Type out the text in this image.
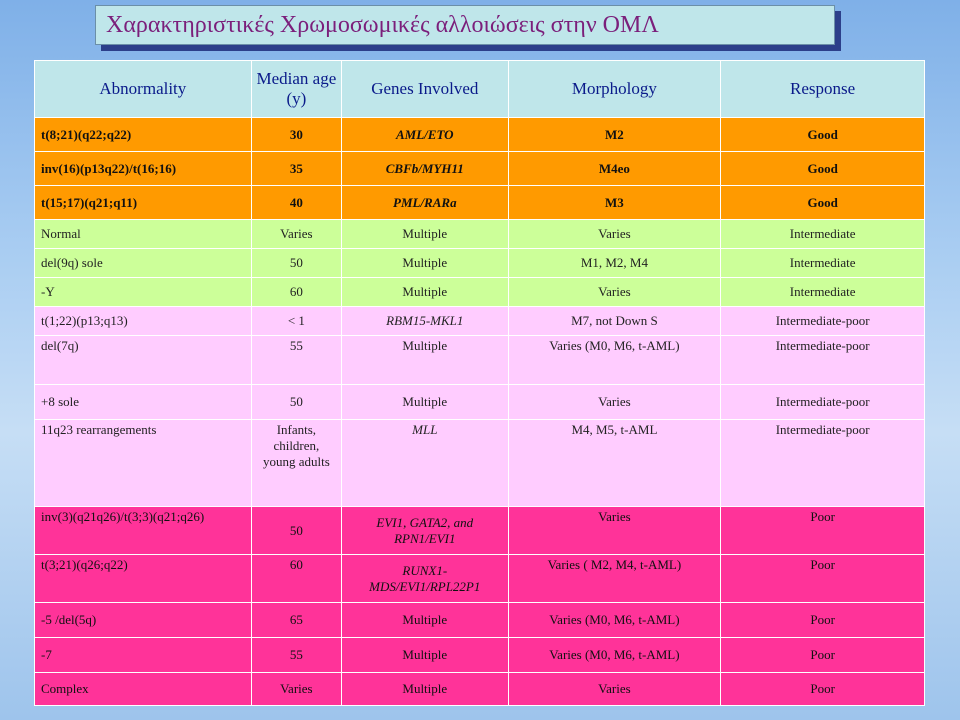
Χαρακτηριστικές Χρωμοσωμικές αλλοιώσεις στην ΟΜΛ
Abnormality	Median age (y)	Genes Involved	Morphology	Response
t(8;21)(q22;q22)	30	AML/ETO	M2	Good
inv(16)(p13q22)/t(16;16)	35	CBFb/MYH11	M4eo	Good
t(15;17)(q21;q11)	40	PML/RARa	M3	Good
Normal	Varies	Multiple	Varies	Intermediate
del(9q) sole	50	Multiple	M1, M2, M4	Intermediate
-Y	60	Multiple	Varies	Intermediate
t(1;22)(p13;q13)	< 1	RBM15-MKL1	M7, not Down S	Intermediate-poor
del(7q)	55	Multiple	Varies (M0, M6, t-AML)	Intermediate-poor
+8 sole	50	Multiple	Varies	Intermediate-poor
11q23 rearrangements	Infants, children, young adults	MLL	M4, M5, t-AML	Intermediate-poor
inv(3)(q21q26)/t(3;3)(q21;q26)	50	EVI1, GATA2, and RPN1/EVI1	Varies	Poor
t(3;21)(q26;q22)	60	RUNX1-MDS/EVI1/RPL22P1	Varies ( M2, M4, t-AML)	Poor
-5 /del(5q)	65	Multiple	Varies (M0, M6, t-AML)	Poor
-7	55	Multiple	Varies (M0, M6, t-AML)	Poor
Complex	Varies	Multiple	Varies	Poor
